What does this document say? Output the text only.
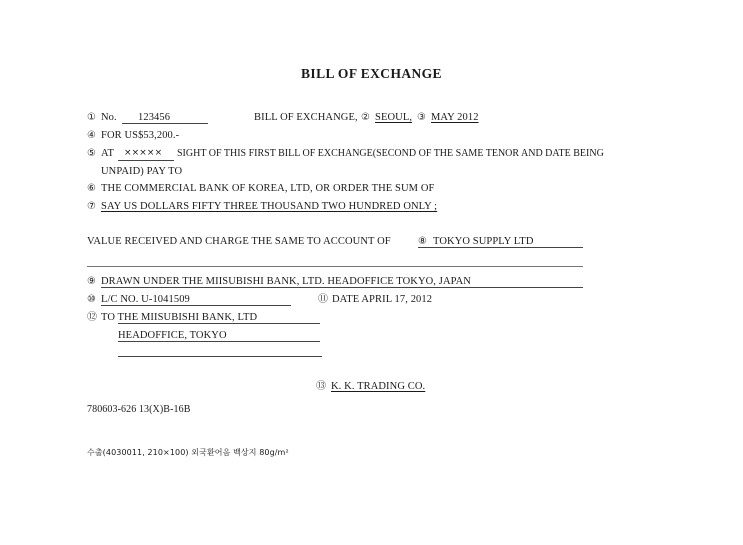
BILL OF EXCHANGE
① No. 123456	BILL OF EXCHANGE, ② SEOUL, ③ MAY 2012
④ FOR US$53,200.-
⑤ AT ××××× SIGHT OF THIS FIRST BILL OF EXCHANGE(SECOND OF THE SAME TENOR AND DATE BEING
UNPAID) PAY TO
⑥ THE COMMERCIAL BANK OF KOREA, LTD, OR ORDER THE SUM OF
⑦ SAY US DOLLARS FIFTY THREE THOUSAND TWO HUNDRED ONLY ;
VALUE RECEIVED AND CHARGE THE SAME TO ACCOUNT OF	⑧ TOKYO SUPPLY LTD
⑨ DRAWN UNDER THE MIISUBISHI BANK, LTD. HEADOFFICE TOKYO, JAPAN
⑩ L/C NO. U-1041509	⑪ DATE APRIL 17, 2012
⑫ TO THE MIISUBISHI BANK, LTD
HEADOFFICE, TOKYO
⑬ K. K. TRADING CO.
780603-626 13(X)B-16B
수출(4030011, 210×100) 외국환어음 백상지 80g/m²
